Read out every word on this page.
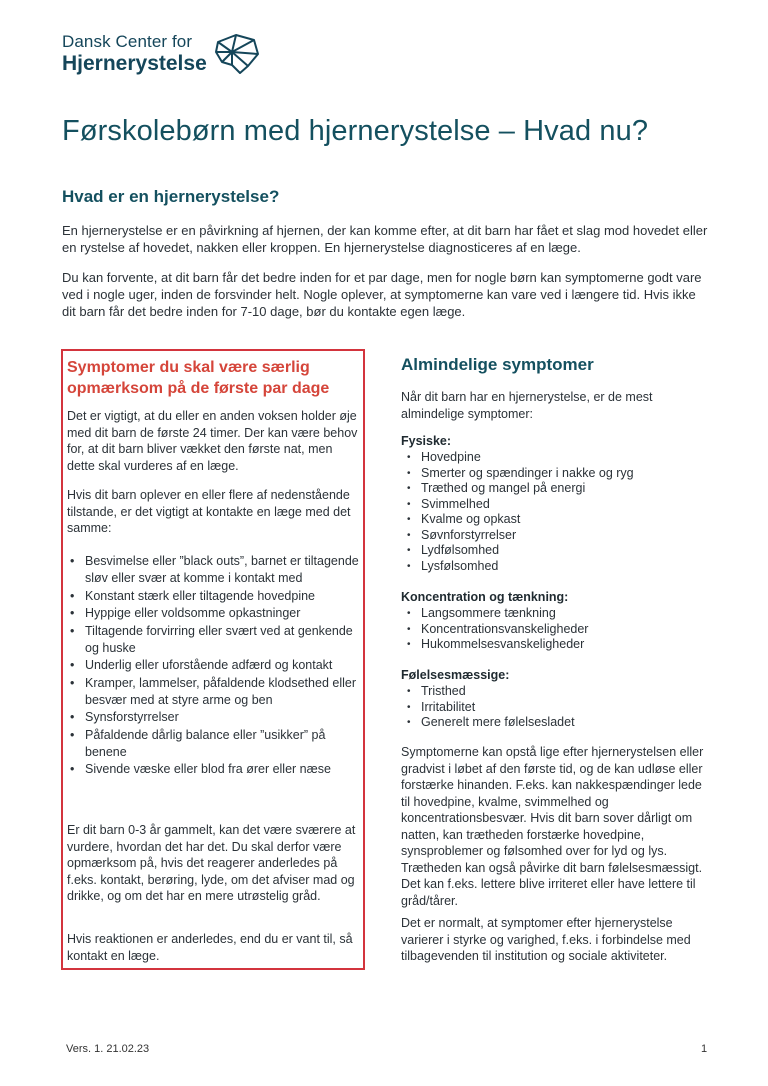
Dansk Center for
Hjernerystelse
Førskolebørn med hjernerystelse – Hvad nu?
Hvad er en hjernerystelse?

En hjernerystelse er en påvirkning af hjernen, der kan komme efter, at dit barn har fået et slag mod hovedet eller en rystelse af hovedet, nakken eller kroppen. En hjernerystelse diagnosticeres af en læge.

Du kan forvente, at dit barn får det bedre inden for et par dage, men for nogle børn kan symptomerne godt vare ved i nogle uger, inden de forsvinder helt. Nogle oplever, at symptomerne kan vare ved i længere tid. Hvis ikke dit barn får det bedre inden for 7-10 dage, bør du kontakte egen læge.

Symptomer du skal være særlig opmærksom på de første par dage

Det er vigtigt, at du eller en anden voksen holder øje med dit barn de første 24 timer. Der kan være behov for, at dit barn bliver vækket den første nat, men dette skal vurderes af en læge.

Hvis dit barn oplever en eller flere af nedenstående tilstande, er det vigtigt at kontakte en læge med det samme:

• Besvimelse eller ”black outs”, barnet er tiltagende sløv eller svær at komme i kontakt med
• Konstant stærk eller tiltagende hovedpine
• Hyppige eller voldsomme opkastninger
• Tiltagende forvirring eller svært ved at genkende og huske
• Underlig eller uforstående adfærd og kontakt
• Kramper, lammelser, påfaldende klodsethed eller besvær med at styre arme og ben
• Synsforstyrrelser
• Påfaldende dårlig balance eller ”usikker” på benene
• Sivende væske eller blod fra ører eller næse

Er dit barn 0-3 år gammelt, kan det være sværere at vurdere, hvordan det har det. Du skal derfor være opmærksom på, hvis det reagerer anderledes på f.eks. kontakt, berøring, lyde, om det afviser mad og drikke, og om det har en mere utrøstelig gråd.

Hvis reaktionen er anderledes, end du er vant til, så kontakt en læge.

Almindelige symptomer

Når dit barn har en hjernerystelse, er de mest almindelige symptomer:

Fysiske:
• Hovedpine
• Smerter og spændinger i nakke og ryg
• Træthed og mangel på energi
• Svimmelhed
• Kvalme og opkast
• Søvnforstyrrelser
• Lydfølsomhed
• Lysfølsomhed
Koncentration og tænkning:
• Langsommere tænkning
• Koncentrationsvanskeligheder
• Hukommelsesvanskeligheder
Følelsesmæssige:
• Tristhed
• Irritabilitet
• Generelt mere følelsesladet

Symptomerne kan opstå lige efter hjernerystelsen eller gradvist i løbet af den første tid, og de kan udløse eller forstærke hinanden. F.eks. kan nakkespændinger lede til hovedpine, kvalme, svimmelhed og koncentrationsbesvær. Hvis dit barn sover dårligt om natten, kan trætheden forstærke hovedpine, synsproblemer og følsomhed over for lyd og lys. Trætheden kan også påvirke dit barn følelsesmæssigt. Det kan f.eks. lettere blive irriteret eller have lettere til gråd/tårer.

Det er normalt, at symptomer efter hjernerystelse varierer i styrke og varighed, f.eks. i forbindelse med tilbagevenden til institution og sociale aktiviteter.

Vers. 1. 21.02.23	1
